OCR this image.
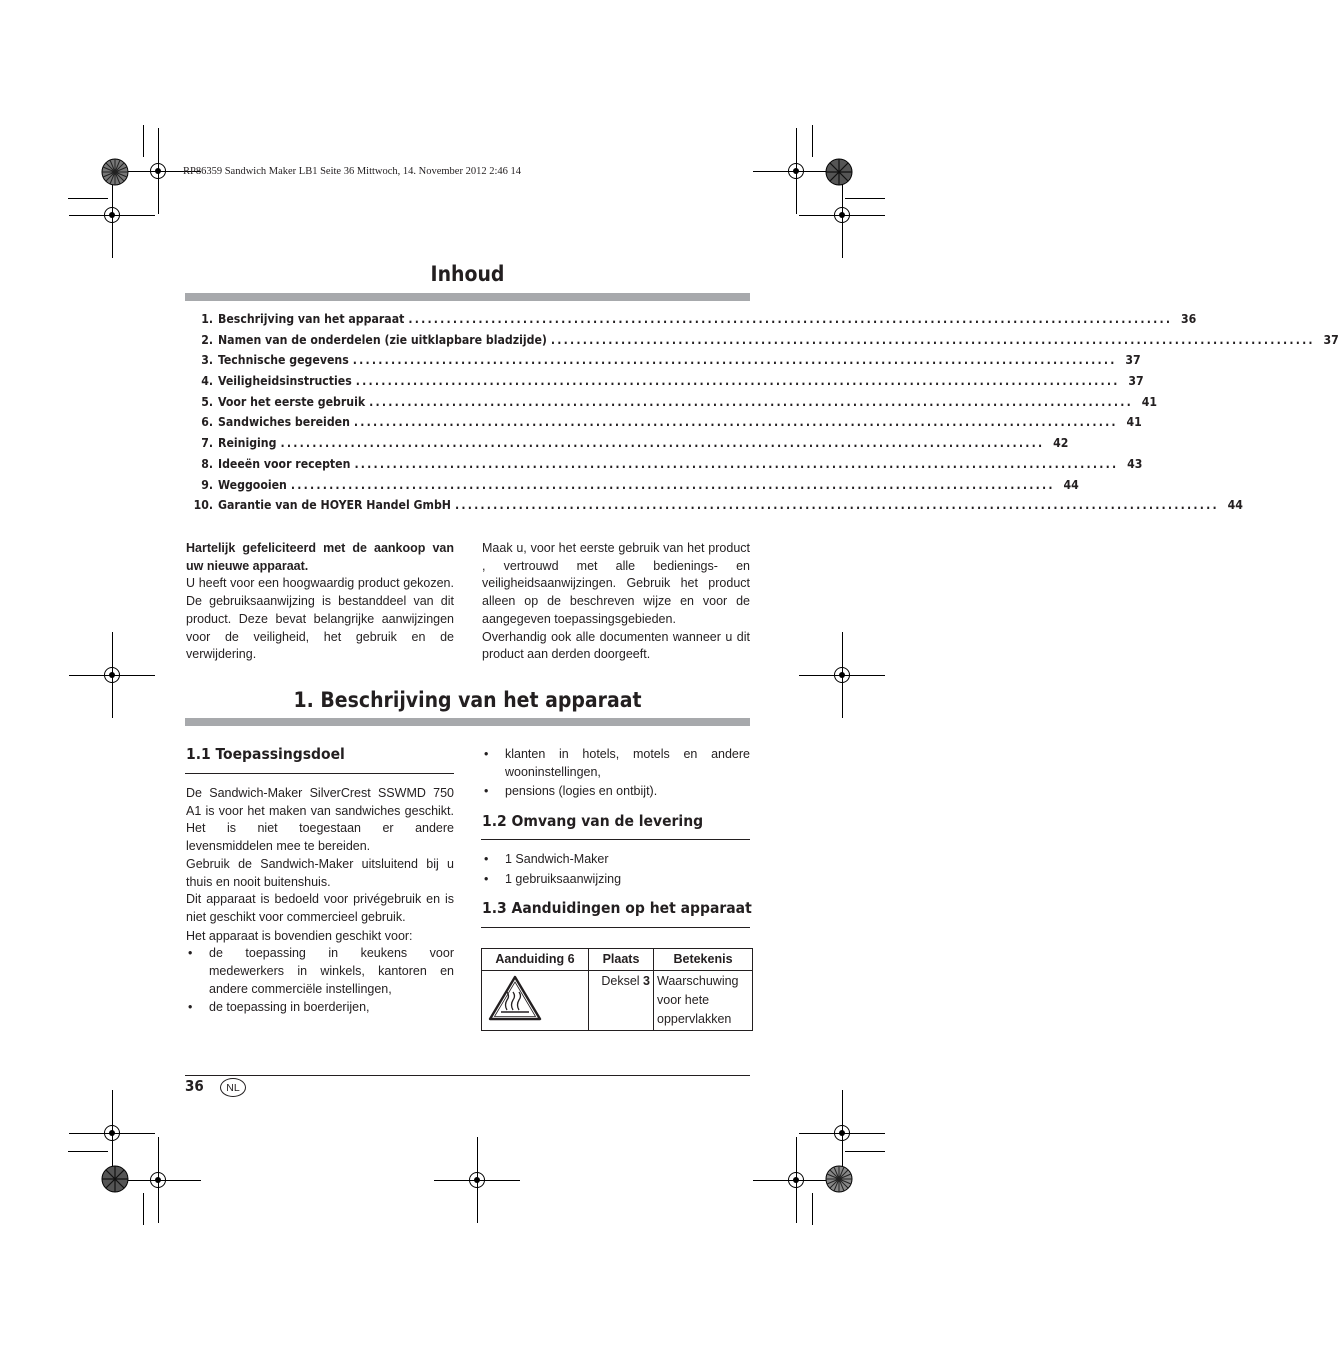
RP86359 Sandwich Maker LB1 Seite 36 Mittwoch, 14. November 2012 2:46 14
Inhoud
1. Beschrijving van het apparaat ........................................................................................................................ 36
2. Namen van de onderdelen (zie uitklapbare bladzijde) ........................................................................................................................ 37
3. Technische gegevens ........................................................................................................................ 37
4. Veiligheidsinstructies ........................................................................................................................ 37
5. Voor het eerste gebruik ........................................................................................................................ 41
6. Sandwiches bereiden ........................................................................................................................ 41
7. Reiniging ........................................................................................................................ 42
8. Ideeën voor recepten ........................................................................................................................ 43
9. Weggooien ........................................................................................................................ 44
10. Garantie van de HOYER Handel GmbH ........................................................................................................................ 44

Hartelijk gefeliciteerd met de aankoop van uw nieuwe apparaat.

U heeft voor een hoogwaardig product gekozen. De gebruiksaanwijzing is bestanddeel van dit product. Deze bevat belangrijke aanwijzingen voor de veiligheid, het gebruik en de verwijdering.

Maak u, voor het eerste gebruik van het product , vertrouwd met alle bedienings- en veiligheidsaanwijzingen. Gebruik het product alleen op de beschreven wijze en voor de aangegeven toepassingsgebieden.

Overhandig ook alle documenten wanneer u dit product aan derden doorgeeft.

1. Beschrijving van het apparaat
1.1 Toepassingsdoel

De Sandwich-Maker SilverCrest SSWMD 750 A1 is voor het maken van sandwiches geschikt. Het is niet toegestaan er andere levensmiddelen mee te bereiden.

Gebruik de Sandwich-Maker uitsluitend bij u thuis en nooit buitenshuis.

Dit apparaat is bedoeld voor privégebruik en is niet geschikt voor commercieel gebruik.

Het apparaat is bovendien geschikt voor:

• de toepassing in keukens voor medewerkers in winkels, kantoren en andere commerciële instellingen,
• de toepassing in boerderijen,
• klanten in hotels, motels en andere wooninstellingen,
• pensions (logies en ontbijt).
1.2 Omvang van de levering
• 1 Sandwich-Maker
• 1 gebruiksaanwijzing
1.3 Aanduidingen op het apparaat
Aanduiding 6	Plaats	Betekenis

	Deksel 3	Waarschuwing voor hete oppervlakken
36	NL
